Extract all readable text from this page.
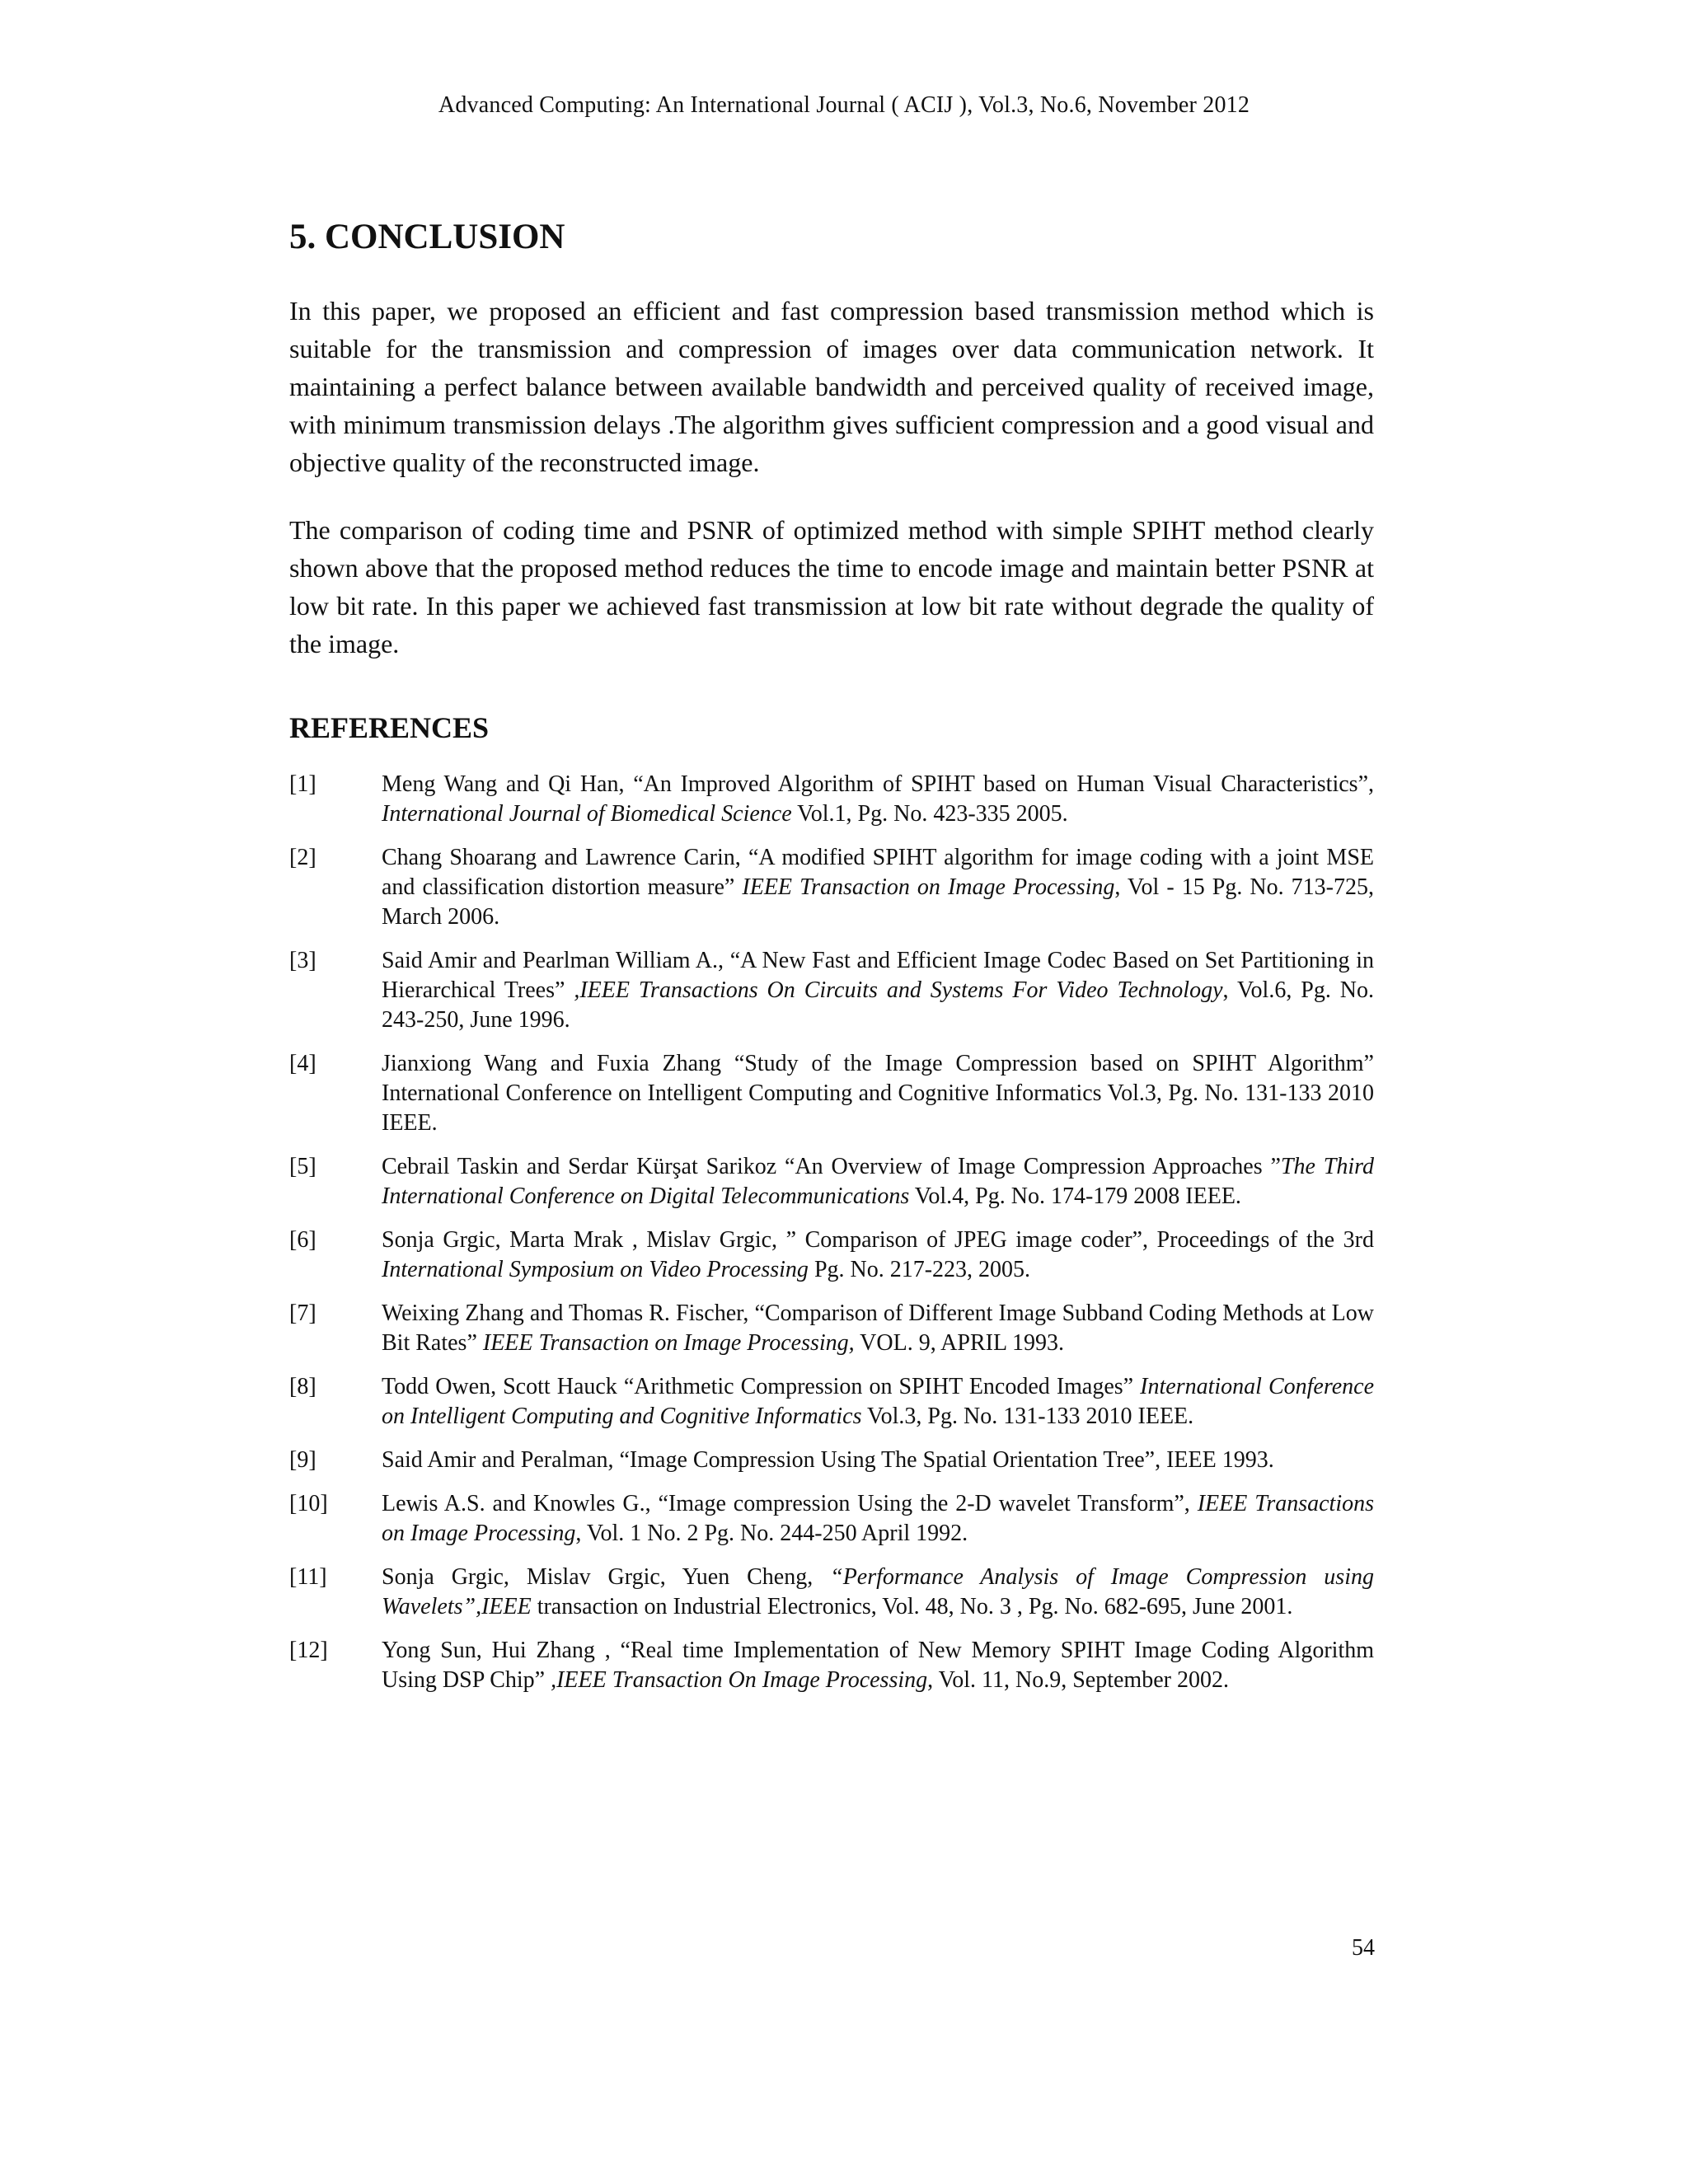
Advanced Computing: An International Journal ( ACIJ ), Vol.3, No.6, November 2012
5. CONCLUSION

In this paper, we proposed an efficient and fast compression based transmission method which is suitable for the transmission and compression of images over data communication network. It maintaining a perfect balance between available bandwidth and perceived quality of received image, with minimum transmission delays .The algorithm gives sufficient compression and a good visual and objective quality of the reconstructed image.

The comparison of coding time and PSNR of optimized method with simple SPIHT method clearly shown above that the proposed method reduces the time to encode image and maintain better PSNR at low bit rate. In this paper we achieved fast transmission at low bit rate without degrade the quality of the image.

REFERENCES
[1]	Meng Wang and Qi Han, “An Improved Algorithm of SPIHT based on Human Visual Characteristics”, International Journal of Biomedical Science Vol.1, Pg. No. 423-335 2005.
[2]	Chang Shoarang and Lawrence Carin, “A modified SPIHT algorithm for image coding with a joint MSE and classification distortion measure” IEEE Transaction on Image Processing, Vol - 15 Pg. No. 713-725, March 2006.
[3]	Said Amir and Pearlman William A., “A New Fast and Efficient Image Codec Based on Set Partitioning in Hierarchical Trees” ,IEEE Transactions On Circuits and Systems For Video Technology, Vol.6, Pg. No. 243-250, June 1996.
[4]	Jianxiong Wang and Fuxia Zhang “Study of the Image Compression based on SPIHT Algorithm” International Conference on Intelligent Computing and Cognitive Informatics Vol.3, Pg. No. 131-133 2010 IEEE.
[5]	Cebrail Taskin and Serdar Kürşat Sarikoz “An Overview of Image Compression Approaches ”The Third International Conference on Digital Telecommunications Vol.4, Pg. No. 174-179 2008 IEEE.
[6]	Sonja Grgic, Marta Mrak , Mislav Grgic, ” Comparison of JPEG image coder”, Proceedings of the 3rd International Symposium on Video Processing Pg. No. 217-223, 2005.
[7]	Weixing Zhang and Thomas R. Fischer, “Comparison of Different Image Subband Coding Methods at Low Bit Rates” IEEE Transaction on Image Processing, VOL. 9, APRIL 1993.
[8]	Todd Owen, Scott Hauck “Arithmetic Compression on SPIHT Encoded Images” International Conference on Intelligent Computing and Cognitive Informatics Vol.3, Pg. No. 131-133 2010 IEEE.
[9]	Said Amir and Peralman, “Image Compression Using The Spatial Orientation Tree”, IEEE 1993.
[10] Lewis A.S. and Knowles G., “Image compression Using the 2-D wavelet Transform”, IEEE Transactions on Image Processing, Vol. 1 No. 2 Pg. No. 244-250 April 1992.
[11] Sonja Grgic, Mislav Grgic, Yuen Cheng, “Performance Analysis of Image Compression using Wavelets”,IEEE transaction on Industrial Electronics, Vol. 48, No. 3 , Pg. No. 682-695, June 2001.
[12] Yong Sun, Hui Zhang , “Real time Implementation of New Memory SPIHT Image Coding Algorithm Using DSP Chip” ,IEEE Transaction On Image Processing, Vol. 11, No.9, September 2002.
54
